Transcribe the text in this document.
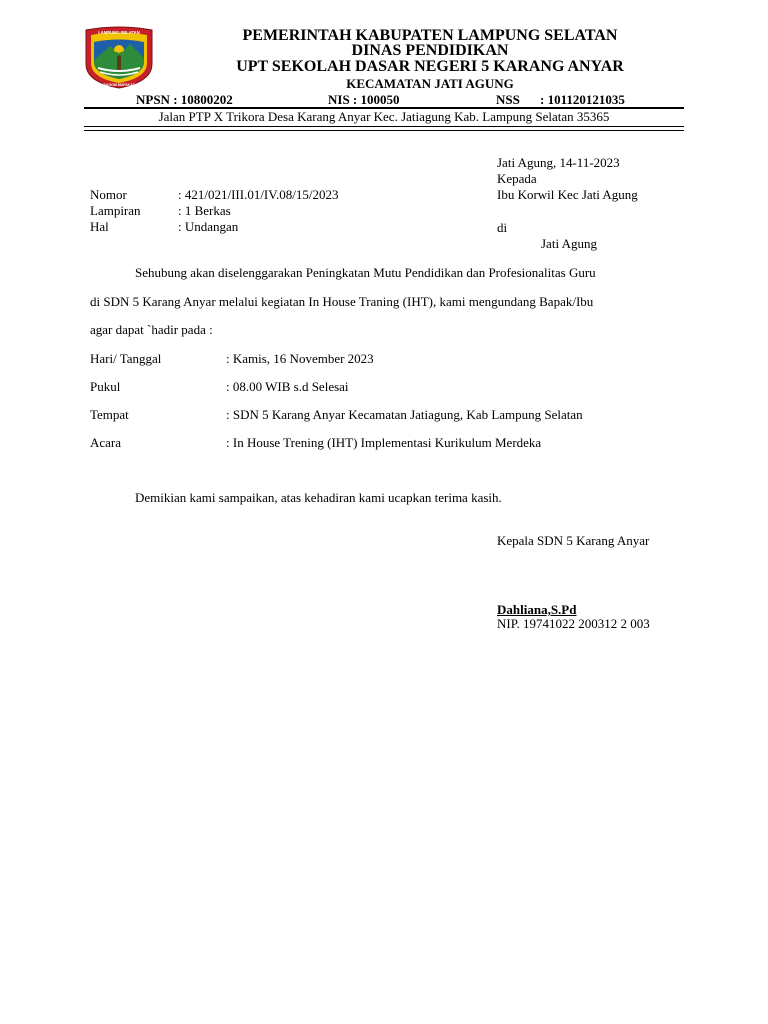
LAMPUNG SELATAN
RAGOM MUFAKAT
PEMERINTAH KABUPATEN LAMPUNG SELATAN
DINAS PENDIDIKAN
UPT SEKOLAH DASAR NEGERI 5 KARANG ANYAR
KECAMATAN JATI AGUNG
NPSN : 10800202	NIS : 100050	NSS : 101120121035
Jalan PTP X Trikora Desa Karang Anyar Kec. Jatiagung Kab. Lampung Selatan 35365
Jati Agung, 14-11-2023
Kepada
Ibu Korwil Kec Jati Agung
di
Jati Agung
Nomor	: 421/021/III.01/IV.08/15/2023
Lampiran	: 1 Berkas
Hal	: Undangan
Sehubung akan diselenggarakan Peningkatan Mutu Pendidikan dan Profesionalitas Guru
di SDN 5 Karang Anyar melalui kegiatan In House Traning (IHT), kami mengundang Bapak/Ibu
agar dapat `hadir pada :
Hari/ Tanggal	: Kamis, 16 November 2023
Pukul	: 08.00 WIB s.d Selesai
Tempat	: SDN 5 Karang Anyar Kecamatan Jatiagung, Kab Lampung Selatan
Acara	: In House Trening (IHT) Implementasi Kurikulum Merdeka
Demikian kami sampaikan, atas kehadiran kami ucapkan terima kasih.
Kepala SDN 5 Karang Anyar
Dahliana,S.Pd
NIP. 19741022 200312 2 003
